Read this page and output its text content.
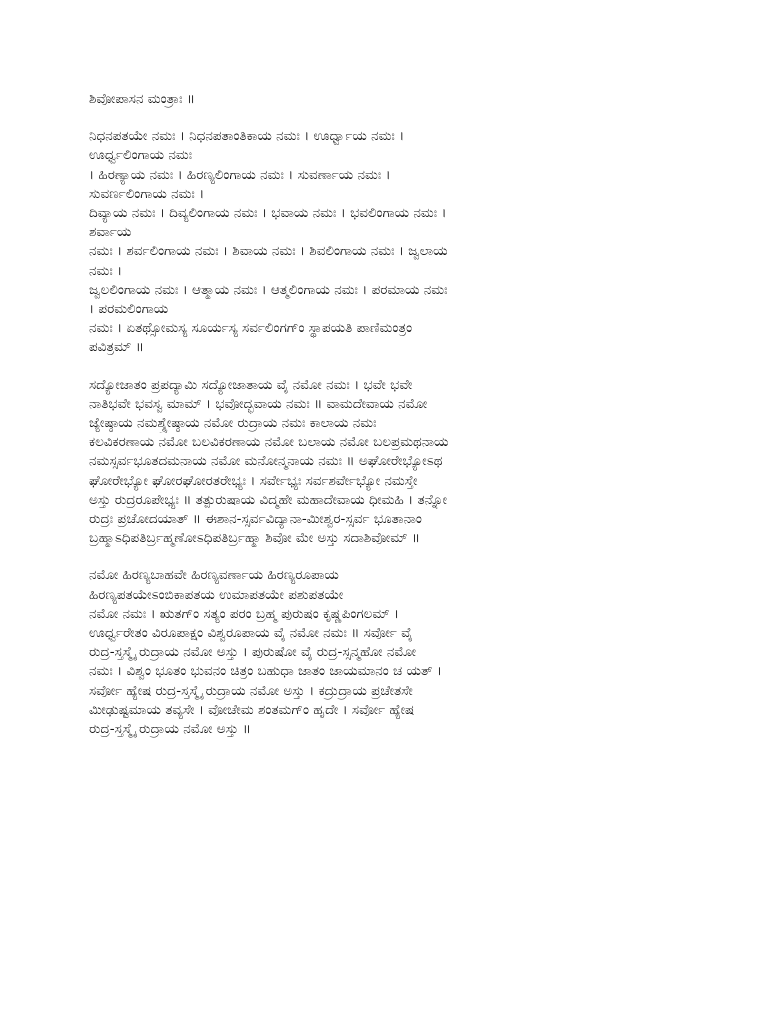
ಶಿವೋಪಾಸನ ಮಂತ್ರಾಃ ॥
ನಿಧನಪತಯೇ ನಮಃ । ನಿಧನಪತಾಂತಿಕಾಯ ನಮಃ । ಊರ್ಧ್ವಾಯ ನಮಃ ।
ಊರ್ಧ್ವಲಿಂಗಾಯ ನಮಃ
। ಹಿರಣ್ಯಾಯ ನಮಃ । ಹಿರಣ್ಯಲಿಂಗಾಯ ನಮಃ । ಸುವರ್ಣಾಯ ನಮಃ ।
ಸುವರ್ಣಲಿಂಗಾಯ ನಮಃ ।
ದಿವ್ಯಾಯ ನಮಃ । ದಿವ್ಯಲಿಂಗಾಯ ನಮಃ । ಭವಾಯ ನಮಃ । ಭವಲಿಂಗಾಯ ನಮಃ ।
ಶರ್ವಾಯ
ನಮಃ । ಶರ್ವಲಿಂಗಾಯ ನಮಃ । ಶಿವಾಯ ನಮಃ । ಶಿವಲಿಂಗಾಯ ನಮಃ । ಜ್ವಲಾಯ
ನಮಃ ।
ಜ್ವಲಲಿಂಗಾಯ ನಮಃ । ಆತ್ಮಾಯ ನಮಃ । ಆತ್ಮಲಿಂಗಾಯ ನಮಃ । ಪರಮಾಯ ನಮಃ
। ಪರಮಲಿಂಗಾಯ
ನಮಃ । ಏತಥ್ಸೋಮಸ್ಯ ಸೂರ್ಯಸ್ಯ ಸರ್ವಲಿಂಗಗ್ಂ ಸ್ಥಾಪಯತಿ ಪಾಣಿಮಂತ್ರಂ
ಪವಿತ್ರಮ್ ॥
ಸದ್ಯೋಜಾತಂ ಪ್ರಪದ್ಯಾಮಿ ಸದ್ಯೋಜಾತಾಯ ವೈ ನಮೋ ನಮಃ । ಭವೇ ಭವೇ
ನಾತಿಭವೇ ಭವಸ್ವ ಮಾಮ್ । ಭವೋದ್ಭವಾಯ ನಮಃ ॥ ವಾಮದೇವಾಯ ನಮೋ
ಜ್ಯೇಷ್ಠಾಯ ನಮಶ್ಶ್ರೇಷ್ಠಾಯ ನಮೋ ರುದ್ರಾಯ ನಮಃ ಕಾಲಾಯ ನಮಃ
ಕಲವಿಕರಣಾಯ ನಮೋ ಬಲವಿಕರಣಾಯ ನಮೋ ಬಲಾಯ ನಮೋ ಬಲಪ್ರಮಥನಾಯ
ನಮಸ್ಸರ್ವಭೂತದಮನಾಯ ನಮೋ ಮನೋನ್ಮನಾಯ ನಮಃ ॥ ಅಘೋರೇಭ್ಯೋಽಥ
ಘೋರೇಭ್ಯೋ ಘೋರಘೋರತರೇಭ್ಯಃ । ಸರ್ವೇಭ್ಯಃ ಸರ್ವಶರ್ವೇಭ್ಯೋ ನಮಸ್ತೇ
ಅಸ್ತು ರುದ್ರರೂಪೇಭ್ಯಃ ॥ ತತ್ಪುರುಷಾಯ ವಿದ್ಮಹೇ ಮಹಾದೇವಾಯ ಧೀಮಹಿ । ತನ್ನೋ
ರುದ್ರಃ ಪ್ರಚೋದಯಾತ್ ॥ ಈಶಾನ-ಸ್ಸರ್ವವಿದ್ಯಾನಾ-ಮೀಶ್ವರ-ಸ್ಸರ್ವ ಭೂತಾನಾಂ
ಬ್ರಹ್ಮಾಽಧಿಪತಿರ್ಬ್ರಹ್ಮಣೋಽಧಿಪತಿರ್ಬ್ರಹ್ಮಾ ಶಿವೋ ಮೇ ಅಸ್ತು ಸದಾಶಿವೋಮ್ ॥
ನಮೋ ಹಿರಣ್ಯಬಾಹವೇ ಹಿರಣ್ಯವರ್ಣಾಯ ಹಿರಣ್ಯರೂಪಾಯ
ಹಿರಣ್ಯಪತಯೇಽಂಬಿಕಾಪತಯ ಉಮಾಪತಯೇ ಪಶುಪತಯೇ
ನಮೋ ನಮಃ । ಋತಗ್ಂ ಸತ್ಯಂ ಪರಂ ಬ್ರಹ್ಮ ಪುರುಷಂ ಕೃಷ್ಣಪಿಂಗಲಮ್ ।
ಊರ್ಧ್ವರೇತಂ ವಿರೂಪಾಕ್ಷಂ ವಿಶ್ವರೂಪಾಯ ವೈ ನಮೋ ನಮಃ ॥ ಸರ್ವೋ ವೈ
ರುದ್ರ-ಸ್ತಸ್ಮೈ ರುದ್ರಾಯ ನಮೋ ಅಸ್ತು । ಪುರುಷೋ ವೈ ರುದ್ರ-ಸ್ಸನ್ಮಹೋ ನಮೋ
ನಮಃ । ವಿಶ್ವಂ ಭೂತಂ ಭುವನಂ ಚಿತ್ರಂ ಬಹುಧಾ ಜಾತಂ ಜಾಯಮಾನಂ ಚ ಯತ್ ।
ಸರ್ವೋ ಹ್ಯೇಷ ರುದ್ರ-ಸ್ತಸ್ಮೈ ರುದ್ರಾಯ ನಮೋ ಅಸ್ತು । ಕದ್ರುದ್ರಾಯ ಪ್ರಚೇತಸೇ
ಮೀಢುಷ್ಟಮಾಯ ತವ್ಯಸೇ । ವೋಚೇಮ ಶಂತಮಗ್ಂ ಹೃದೇ । ಸರ್ವೋ ಹ್ಯೇಷ
ರುದ್ರ-ಸ್ತಸ್ಮೈ ರುದ್ರಾಯ ನಮೋ ಅಸ್ತು ॥
